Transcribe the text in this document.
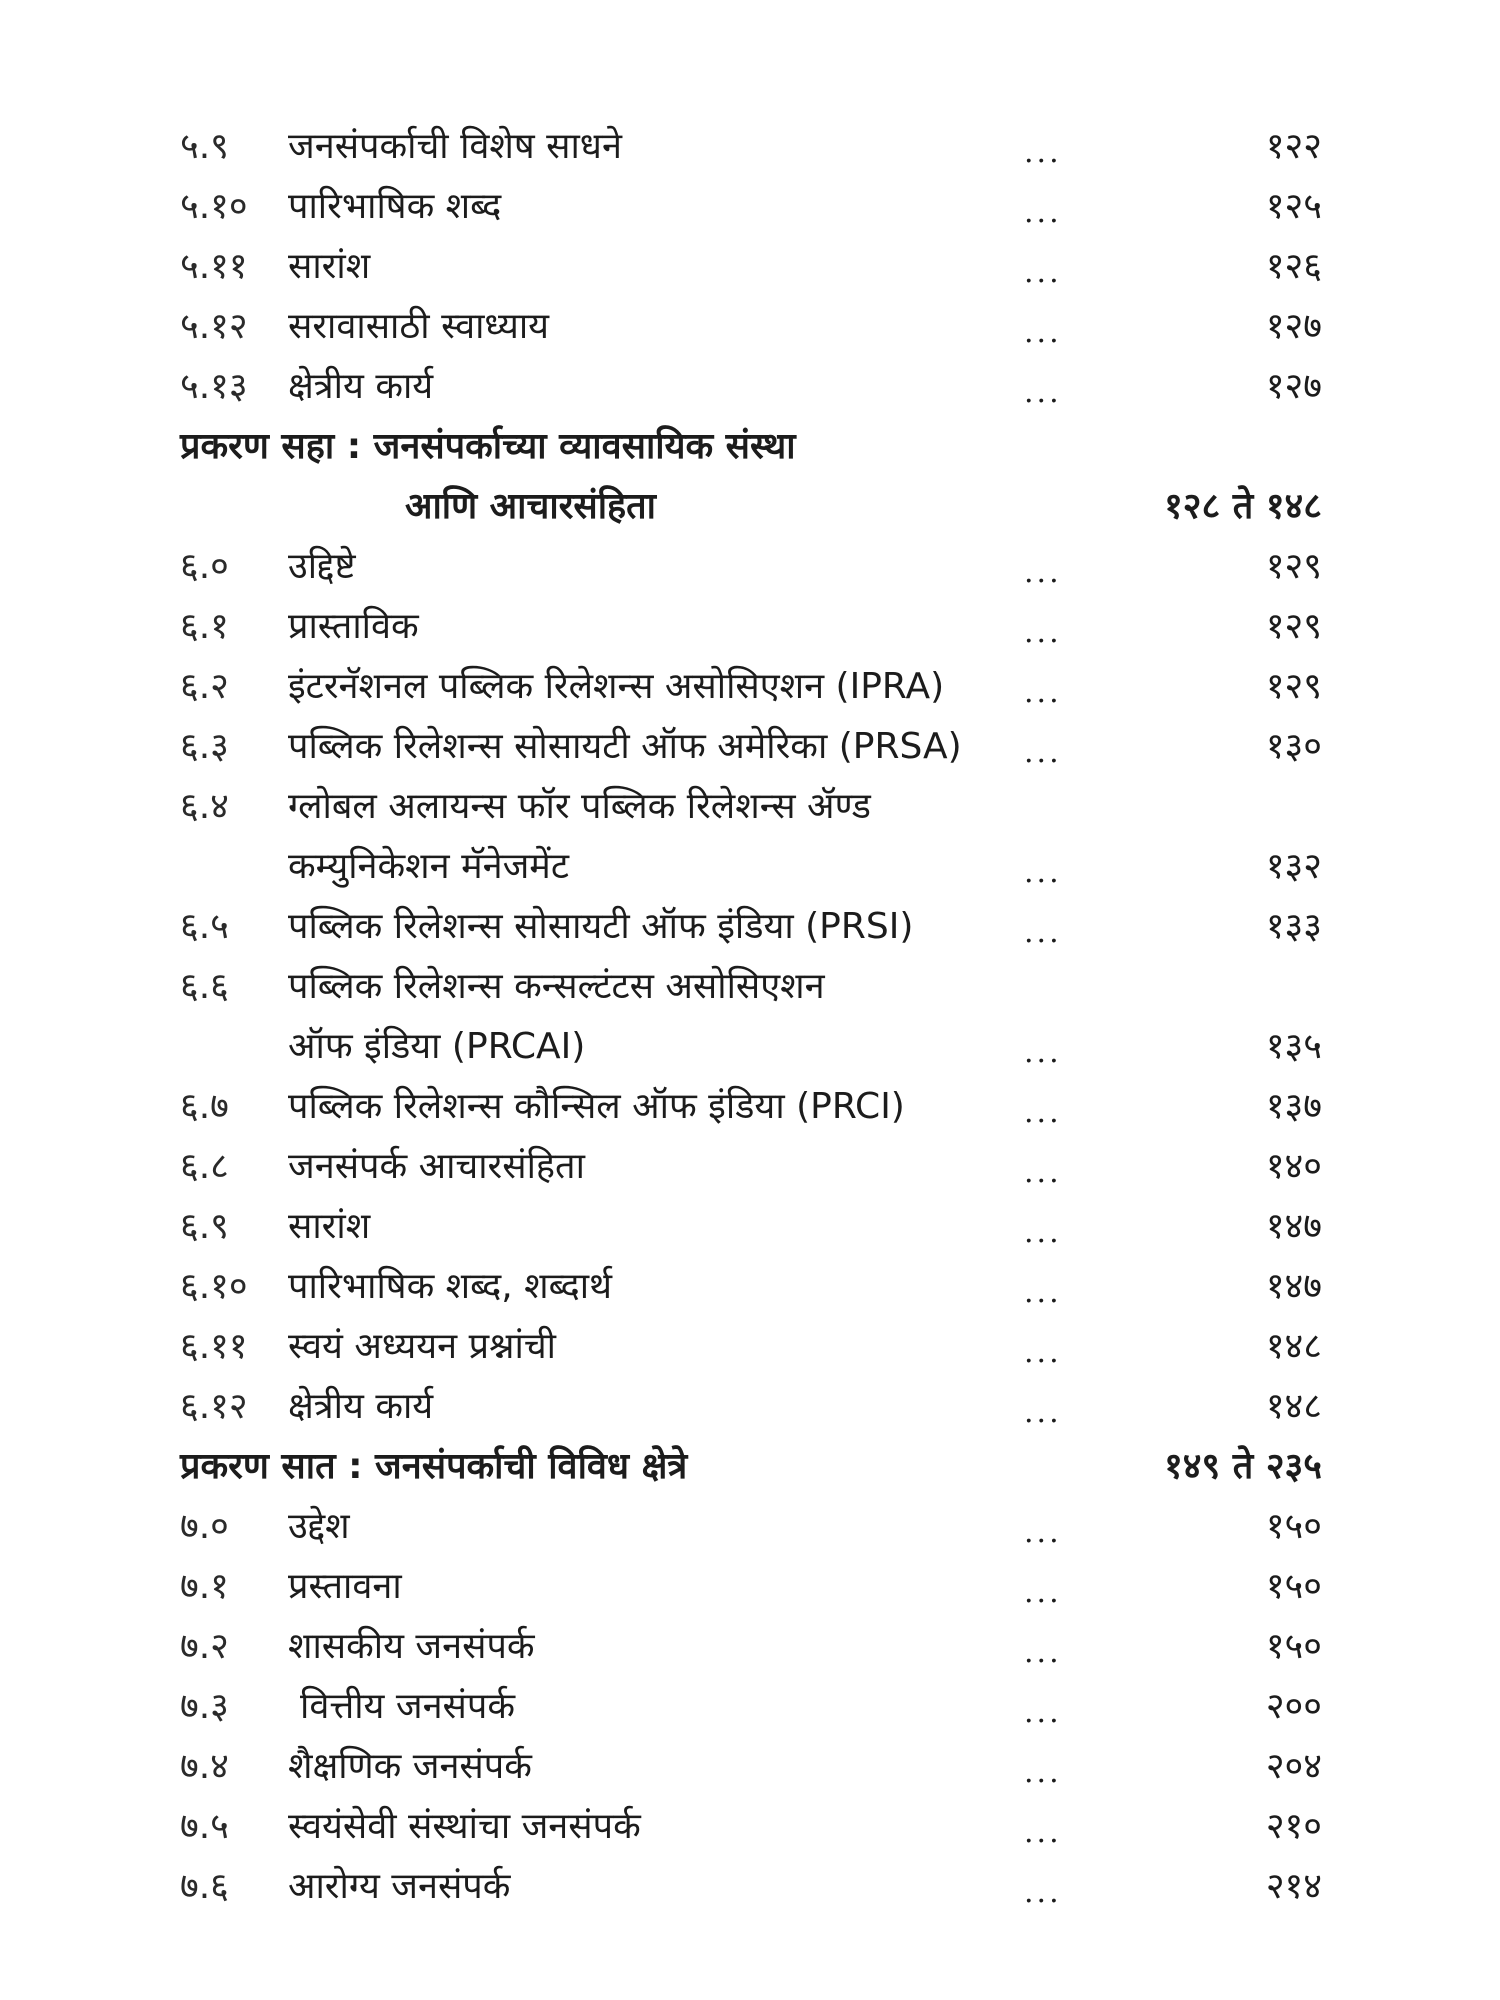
५.९ जनसंपर्काची विशेष साधने	...	१२२
५.१० पारिभाषिक शब्द	...	१२५
५.११ सारांश	...	१२६
५.१२ सरावासाठी स्वाध्याय	...	१२७
५.१३ क्षेत्रीय कार्य	...	१२७
प्रकरण सहा : जनसंपर्काच्या व्यावसायिक संस्था
आणि आचारसंहिता	१२८ ते १४८
६.० उद्दिष्टे	...	१२९
६.१ प्रास्ताविक	...	१२९
६.२ इंटरनॅशनल पब्लिक रिलेशन्स असोसिएशन (IPRA)	...	१२९
६.३ पब्लिक रिलेशन्स सोसायटी ऑफ अमेरिका (PRSA) ...	१३०
६.४ ग्लोबल अलायन्स फॉर पब्लिक रिलेशन्स ॲण्ड
कम्युनिकेशन मॅनेजमेंट	...	१३२
६.५ पब्लिक रिलेशन्स सोसायटी ऑफ इंडिया (PRSI)	...	१३३
६.६ पब्लिक रिलेशन्स कन्सल्टंटस असोसिएशन
ऑफ इंडिया (PRCAI)	...	१३५
६.७ पब्लिक रिलेशन्स कौन्सिल ऑफ इंडिया (PRCI)	...	१३७
६.८ जनसंपर्क आचारसंहिता	...	१४०
६.९ सारांश	...	१४७
६.१० पारिभाषिक शब्द, शब्दार्थ	...	१४७
६.११ स्वयं अध्ययन प्रश्नांची	...	१४८
६.१२ क्षेत्रीय कार्य	...	१४८
प्रकरण सात : जनसंपर्काची विविध क्षेत्रे	१४९ ते २३५
७.० उद्देश	...	१५०
७.१ प्रस्तावना	...	१५०
७.२ शासकीय जनसंपर्क	...	१५०
७.३ वित्तीय जनसंपर्क	...	२००
७.४ शैक्षणिक जनसंपर्क	...	२०४
७.५ स्वयंसेवी संस्थांचा जनसंपर्क	...	२१०
७.६ आरोग्य जनसंपर्क	...	२१४
